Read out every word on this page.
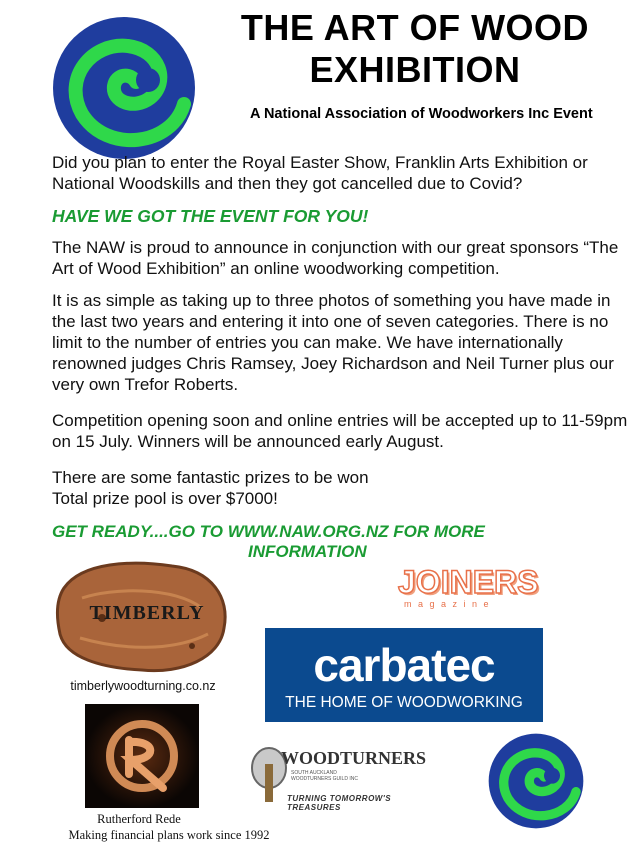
THE ART OF WOOD
EXHIBITION
A National Association of Woodworkers Inc Event
Did you plan to enter the Royal Easter Show, Franklin Arts Exhibition or National Woodskills and then they got cancelled due to Covid?
HAVE WE GOT THE EVENT FOR YOU!
The NAW is proud to announce in conjunction with our great sponsors “The Art of Wood Exhibition” an online woodworking competition.
It is as simple as taking up to three photos of something you have made in the last two years and entering it into one of seven categories. There is no limit to the number of entries you can make. We have internationally renowned judges Chris Ramsey, Joey Richardson and Neil Turner plus our very own Trefor Roberts.
Competition opening soon and online entries will be accepted up to 11-59pm on 15 July. Winners will be announced early August.
There are some fantastic prizes to be won
Total prize pool is over $7000!
GET READY....GO TO WWW.NAW.ORG.NZ FOR MORE
INFORMATION
TIMBERLY
timberlywoodturning.co.nz
JOINERS
m a g a z i n e
carbatec
THE HOME OF WOODWORKING
Rutherford Rede
Making financial plans work since 1992
WOODTURNERS
SOUTH AUCKLAND
WOODTURNERS GUILD INC
TURNING TOMORROW'S TREASURES
